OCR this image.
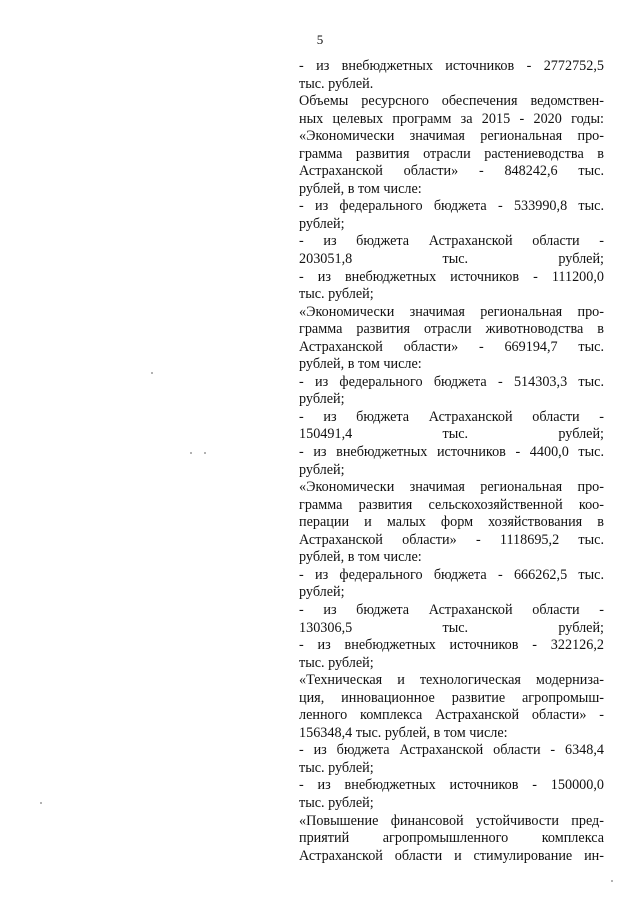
5
- из внебюджетных источников - 2772752,5
тыс. рублей.
Объемы ресурсного обеспечения ведомствен-
ных целевых программ за 2015 - 2020 годы:
«Экономически значимая региональная про-
грамма развития отрасли растениеводства в
Астраханской области» - 848242,6 тыс.
рублей, в том числе:
- из федерального бюджета - 533990,8 тыс.
рублей;
- из бюджета Астраханской области -
203051,8 тыс. рублей;
- из внебюджетных источников - 111200,0
тыс. рублей;
«Экономически значимая региональная про-
грамма развития отрасли животноводства в
Астраханской области» - 669194,7 тыс.
рублей, в том числе:
- из федерального бюджета - 514303,3 тыс.
рублей;
- из бюджета Астраханской области -
150491,4 тыс. рублей;
- из внебюджетных источников - 4400,0 тыс.
рублей;
«Экономически значимая региональная про-
грамма развития сельскохозяйственной коо-
перации и малых форм хозяйствования в
Астраханской области» - 1118695,2 тыс.
рублей, в том числе:
- из федерального бюджета - 666262,5 тыс.
рублей;
- из бюджета Астраханской области -
130306,5 тыс. рублей;
- из внебюджетных источников - 322126,2
тыс. рублей;
«Техническая и технологическая модерниза-
ция, инновационное развитие агропромыш-
ленного комплекса Астраханской области» -
156348,4 тыс. рублей, в том числе:
- из бюджета Астраханской области - 6348,4
тыс. рублей;
- из внебюджетных источников - 150000,0
тыс. рублей;
«Повышение финансовой устойчивости пред-
приятий агропромышленного комплекса
Астраханской области и стимулирование ин-
